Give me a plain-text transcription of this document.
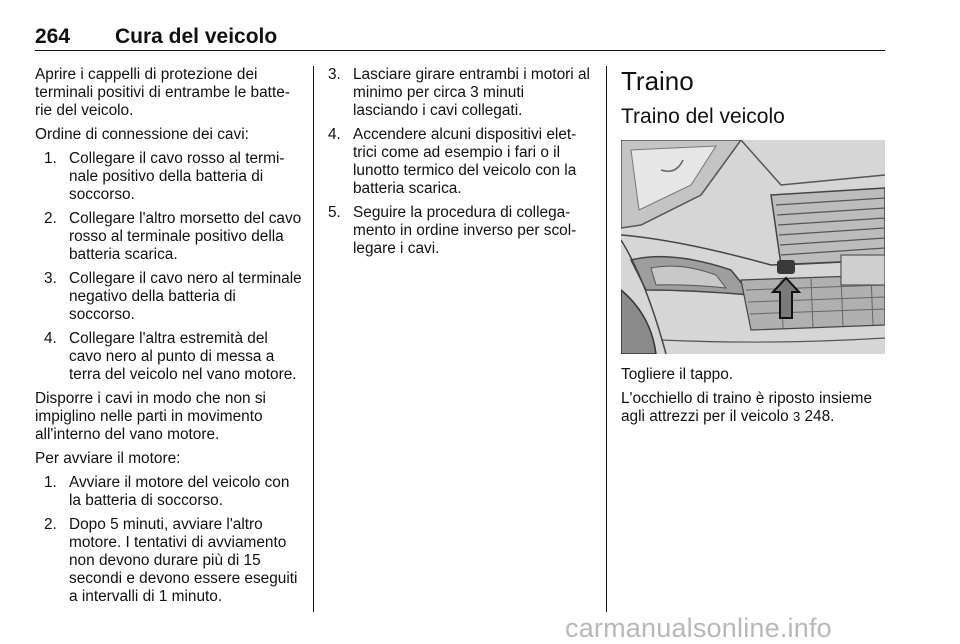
264 Cura del veicolo

Aprire i cappelli di protezione dei terminali positivi di entrambe le batte-rie del veicolo.

Ordine di connessione dei cavi:

1. Collegare il cavo rosso al termi-nale positivo della batteria di soccorso.
2. Collegare l'altro morsetto del cavo rosso al terminale positivo della batteria scarica.
3. Collegare il cavo nero al terminale negativo della batteria di soccorso.
4. Collegare l'altra estremità del cavo nero al punto di messa a terra del veicolo nel vano motore.

Disporre i cavi in modo che non si impiglino nelle parti in movimento all'interno del vano motore.

Per avviare il motore:

1. Avviare il motore del veicolo con la batteria di soccorso.
2. Dopo 5 minuti, avviare l'altro motore. I tentativi di avviamento non devono durare più di 15 secondi e devono essere eseguiti a intervalli di 1 minuto.
3. Lasciare girare entrambi i motori al minimo per circa 3 minuti lasciando i cavi collegati.
4. Accendere alcuni dispositivi elet-trici come ad esempio i fari o il lunotto termico del veicolo con la batteria scarica.
5. Seguire la procedura di collega-mento in ordine inverso per scol-legare i cavi.
Traino
Traino del veicolo

Togliere il tappo.

L'occhiello di traino è riposto insieme agli attrezzi per il veicolo 3 248.

carmanualsonline.info
